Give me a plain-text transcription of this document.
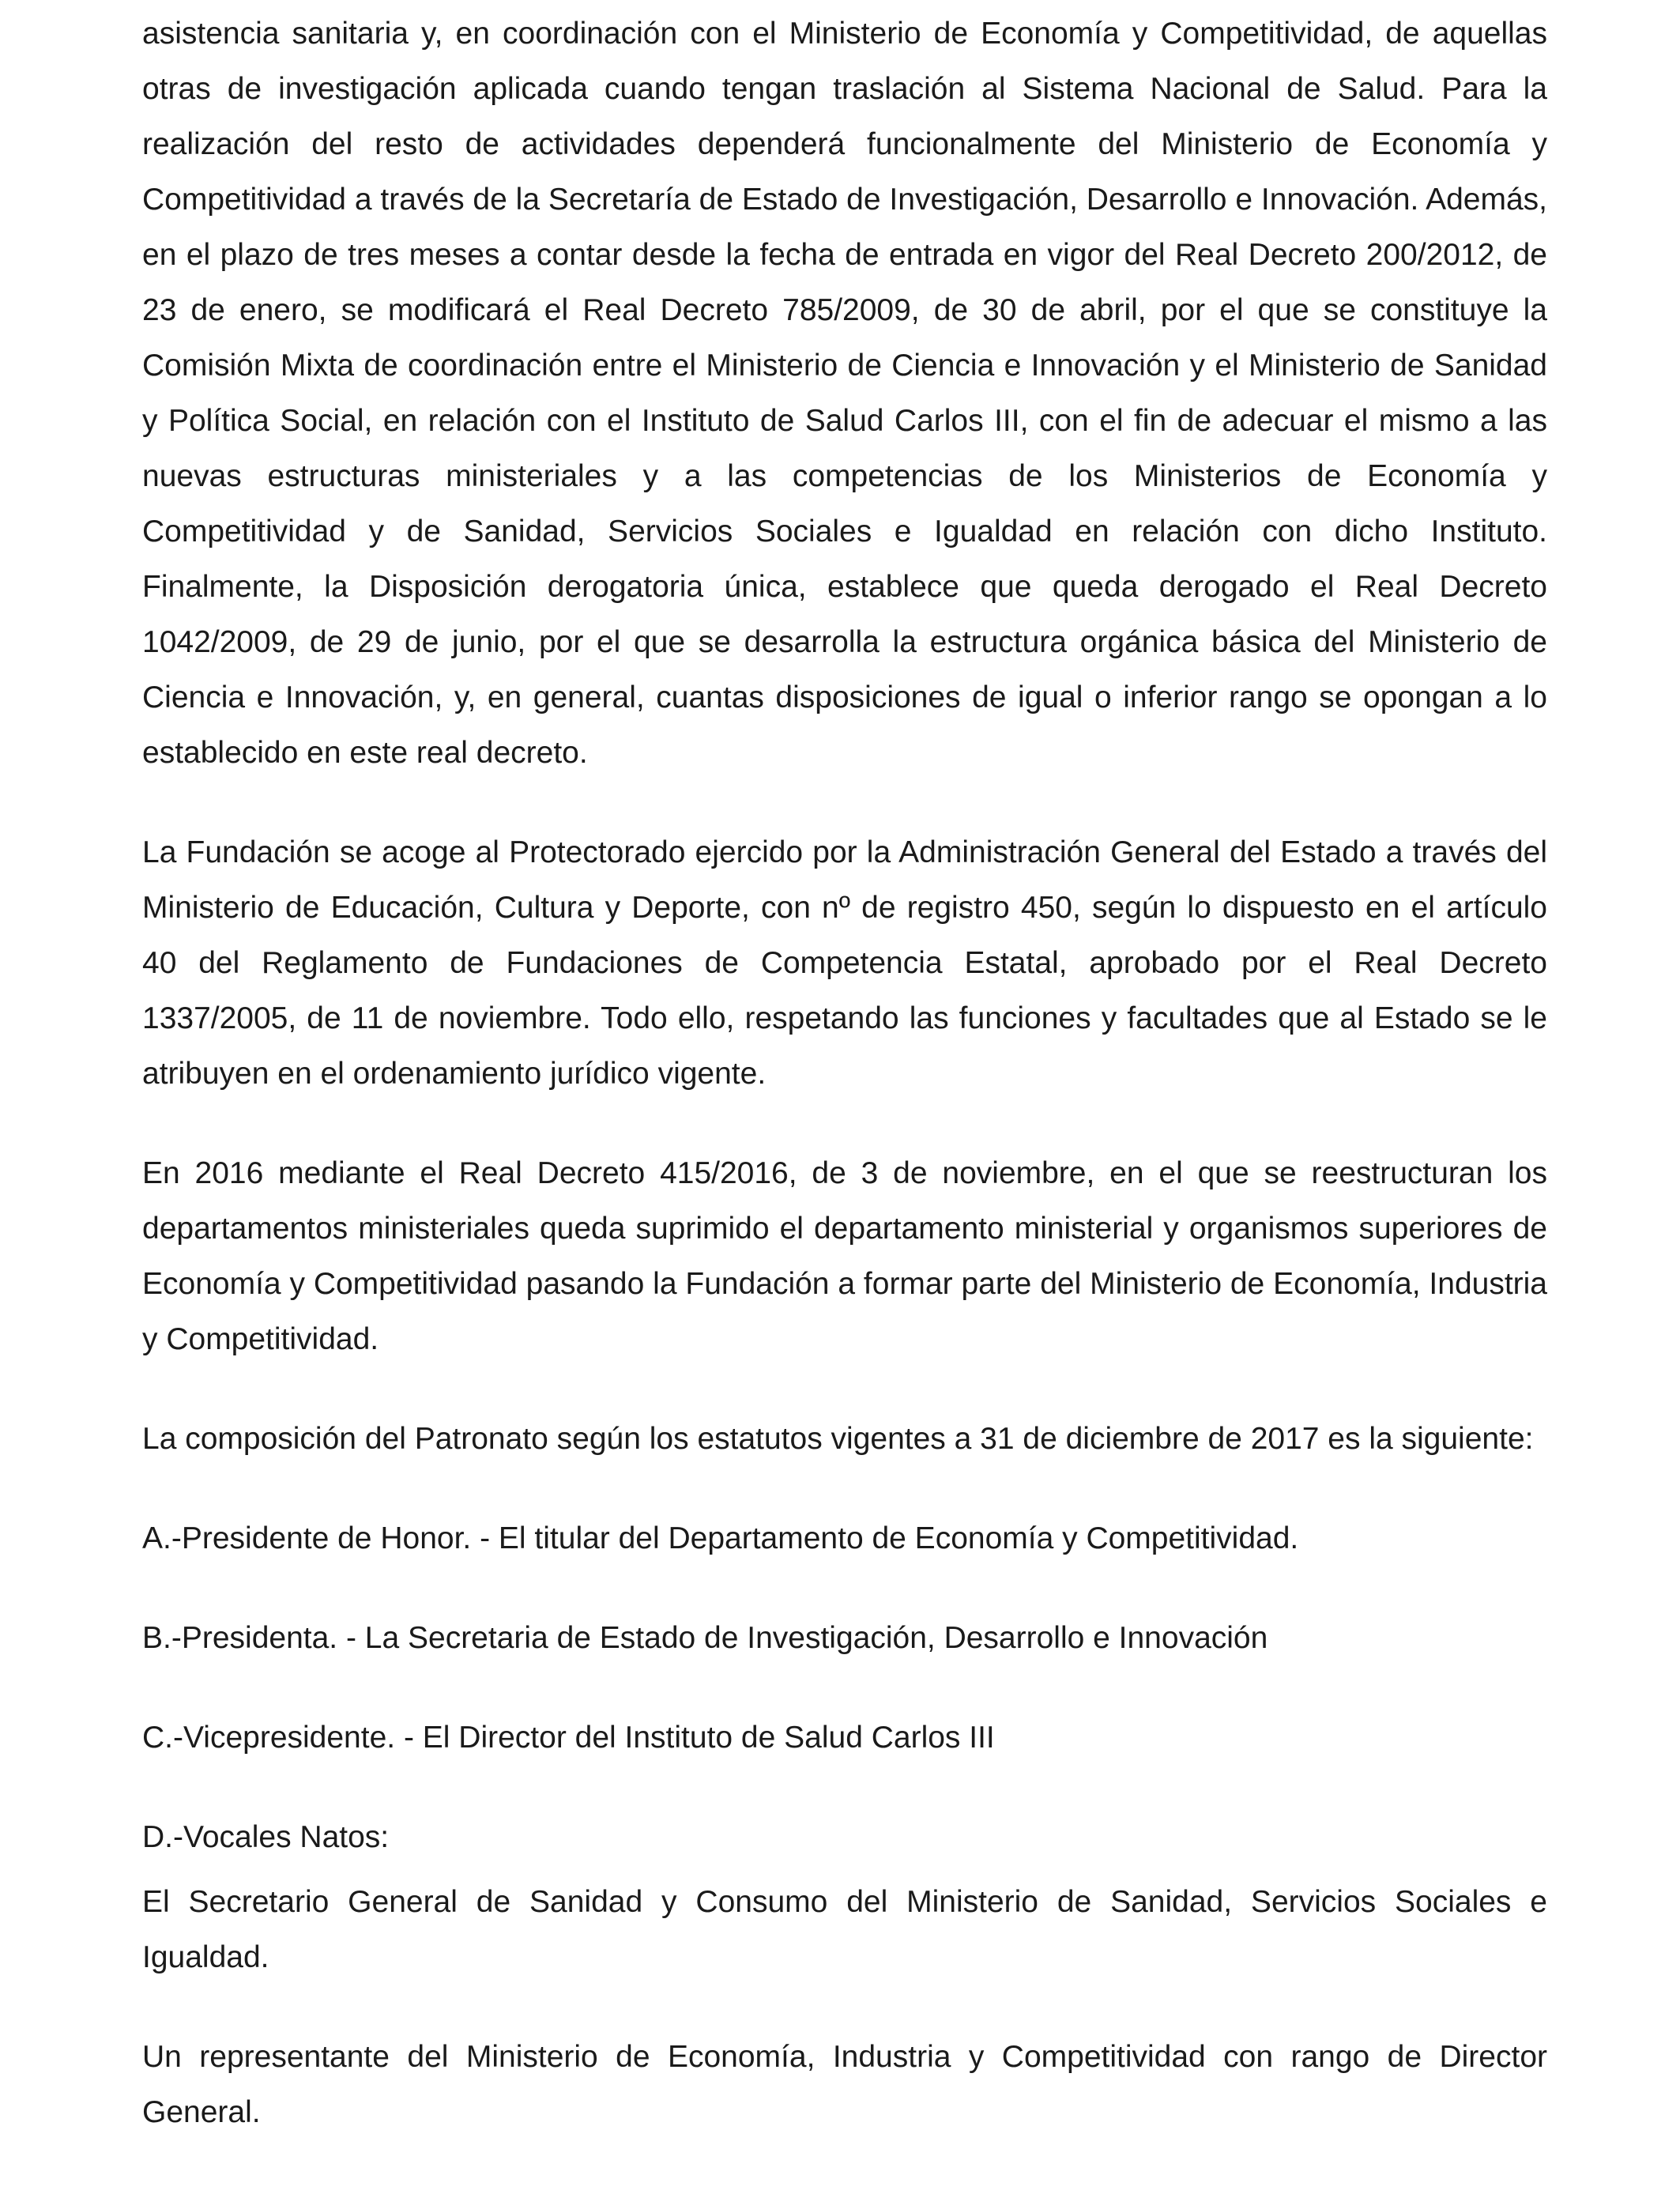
asistencia sanitaria y, en coordinación con el Ministerio de Economía y Competitividad, de aquellas otras de investigación aplicada cuando tengan traslación al Sistema Nacional de Salud. Para la realización del resto de actividades dependerá funcionalmente del Ministerio de Economía y Competitividad a través de la Secretaría de Estado de Investigación, Desarrollo e Innovación. Además, en el plazo de tres meses a contar desde la fecha de entrada en vigor del Real Decreto 200/2012, de 23 de enero, se modificará el Real Decreto 785/2009, de 30 de abril, por el que se constituye la Comisión Mixta de coordinación entre el Ministerio de Ciencia e Innovación y el Ministerio de Sanidad y Política Social, en relación con el Instituto de Salud Carlos III, con el fin de adecuar el mismo a las nuevas estructuras ministeriales y a las competencias de los Ministerios de Economía y Competitividad y de Sanidad, Servicios Sociales e Igualdad en relación con dicho Instituto. Finalmente, la Disposición derogatoria única, establece que queda derogado el Real Decreto 1042/2009, de 29 de junio, por el que se desarrolla la estructura orgánica básica del Ministerio de Ciencia e Innovación, y, en general, cuantas disposiciones de igual o inferior rango se opongan a lo establecido en este real decreto.

La Fundación se acoge al Protectorado ejercido por la Administración General del Estado a través del Ministerio de Educación, Cultura y Deporte, con nº de registro 450, según lo dispuesto en el artículo 40 del Reglamento de Fundaciones de Competencia Estatal, aprobado por el Real Decreto 1337/2005, de 11 de noviembre. Todo ello, respetando las funciones y facultades que al Estado se le atribuyen en el ordenamiento jurídico vigente.

En 2016 mediante el Real Decreto 415/2016, de 3 de noviembre, en el que se reestructuran los departamentos ministeriales queda suprimido el departamento ministerial y organismos superiores de Economía y Competitividad pasando la Fundación a formar parte del Ministerio de Economía, Industria y Competitividad.

La composición del Patronato según los estatutos vigentes a 31 de diciembre de 2017 es la siguiente:

A.-Presidente de Honor. - El titular del Departamento de Economía y Competitividad.

B.-Presidenta. - La Secretaria de Estado de Investigación, Desarrollo e Innovación

C.-Vicepresidente. - El Director del Instituto de Salud Carlos III

D.-Vocales Natos:

El Secretario General de Sanidad y Consumo del Ministerio de Sanidad, Servicios Sociales e Igualdad.

Un representante del Ministerio de Economía, Industria y Competitividad con rango de Director General.
